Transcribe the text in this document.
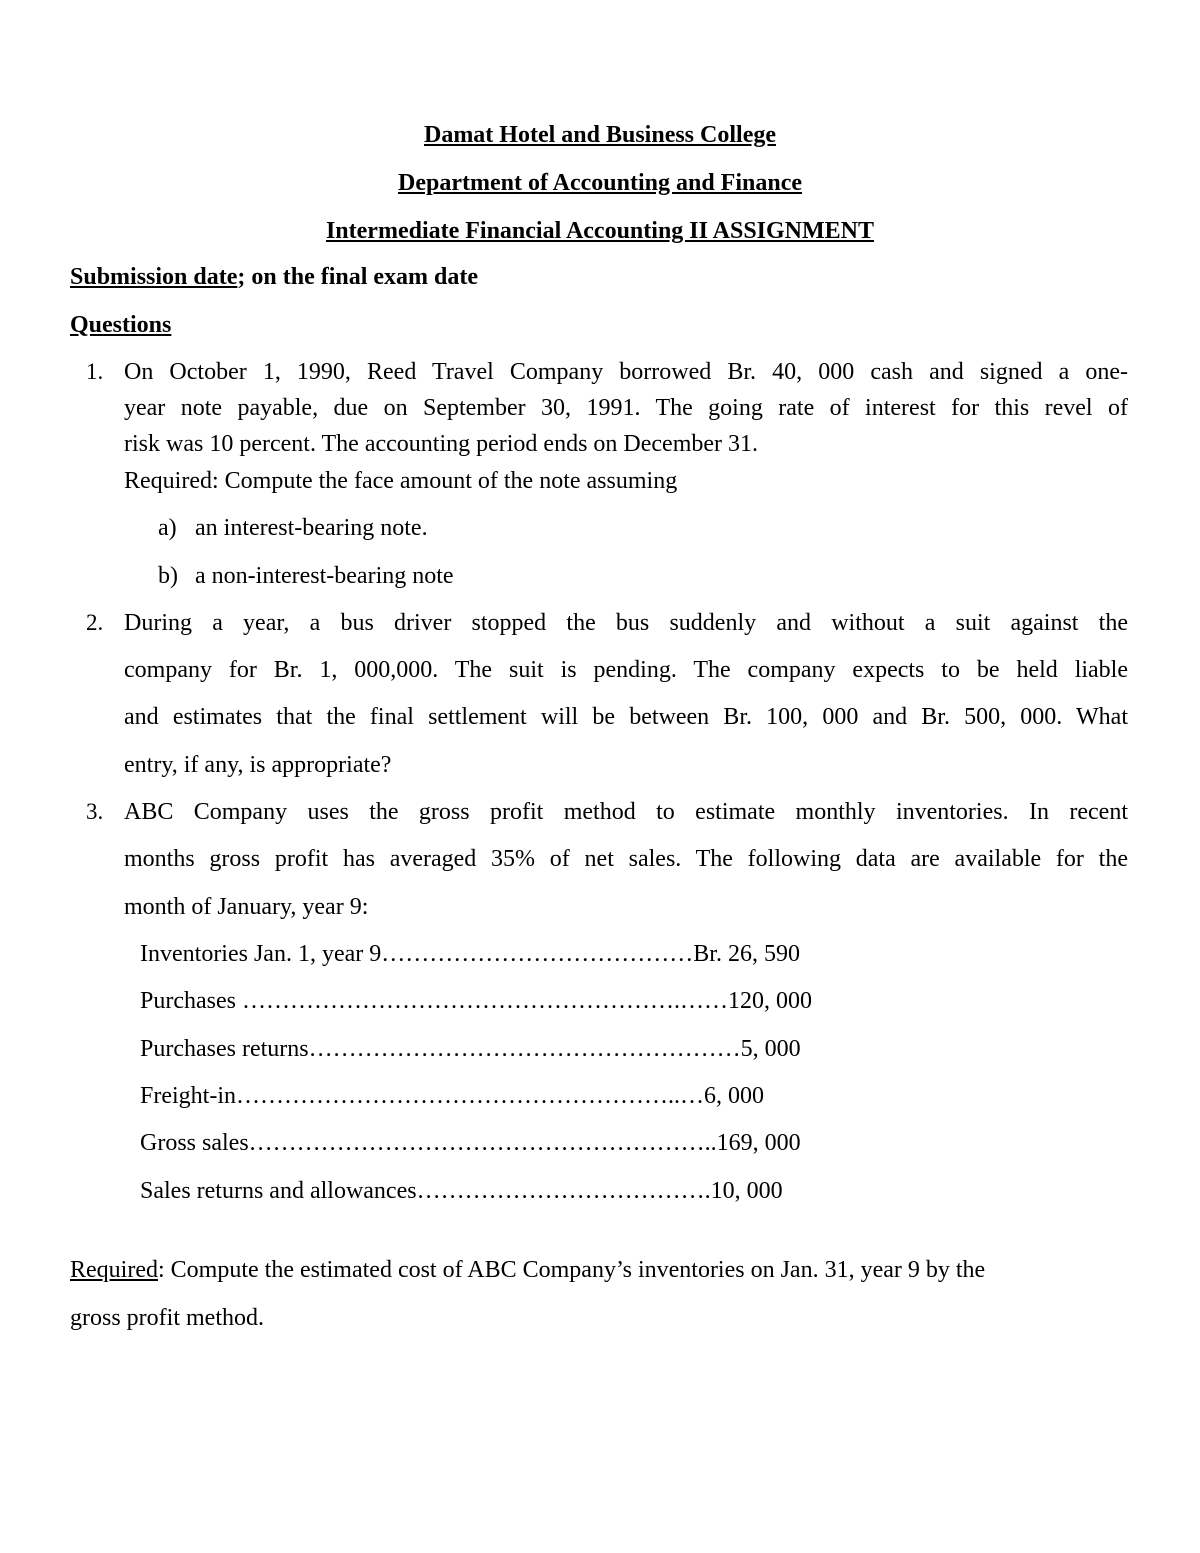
Damat Hotel and Business College
Department of Accounting and Finance
Intermediate Financial Accounting II ASSIGNMENT
Submission date; on the final exam date
Questions
1. On October 1, 1990, Reed Travel Company borrowed Br. 40, 000 cash and signed a one-
year note payable, due on September 30, 1991. The going rate of interest for this revel of
risk was 10 percent. The accounting period ends on December 31.
Required: Compute the face amount of the note assuming
a) an interest-bearing note.
b) a non-interest-bearing note
2. During a year, a bus driver stopped the bus suddenly and without a suit against the
company for Br. 1, 000,000. The suit is pending. The company expects to be held liable
and estimates that the final settlement will be between Br. 100, 000 and Br. 500, 000. What
entry, if any, is appropriate?
3. ABC Company uses the gross profit method to estimate monthly inventories. In recent
months gross profit has averaged 35% of net sales. The following data are available for the
month of January, year 9:
Inventories Jan. 1, year 9…………………………………Br. 26, 590
Purchases ……………………………………………….……120, 000
Purchases returns………………………………………………5, 000
Freight-in………………………………………………..…6, 000
Gross sales…………………………………………………..169, 000
Sales returns and allowances……………………………….10, 000
Required: Compute the estimated cost of ABC Company’s inventories on Jan. 31, year 9 by the
gross profit method.
